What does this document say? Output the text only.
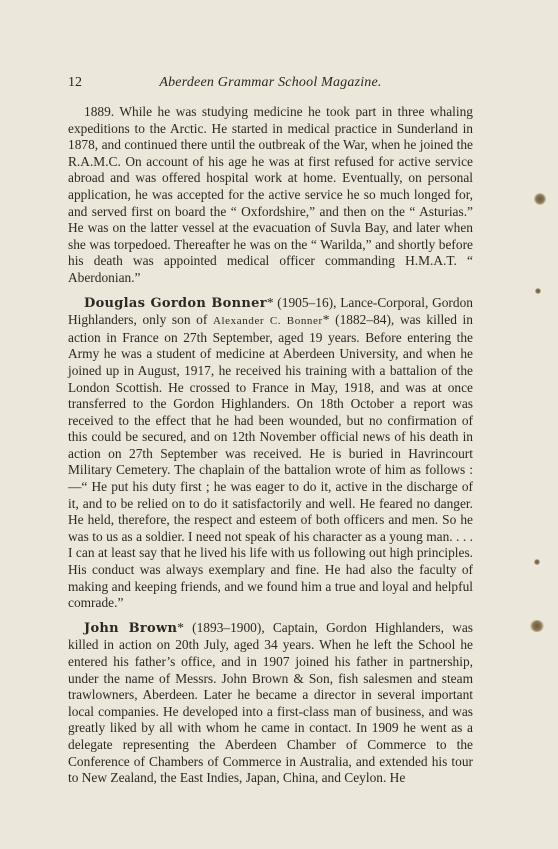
12	Aberdeen Grammar School Magazine.

1889. While he was studying medicine he took part in three whaling expeditions to the Arctic. He started in medical practice in Sunderland in 1878, and continued there until the outbreak of the War, when he joined the R.A.M.C. On account of his age he was at first refused for active service abroad and was offered hospital work at home. Eventually, on personal application, he was accepted for the active service he so much longed for, and served first on board the “ Oxfordshire,” and then on the “ Asturias.” He was on the latter vessel at the evacuation of Suvla Bay, and later when she was torpedoed. Thereafter he was on the “ Warilda,” and shortly before his death was appointed medical officer commanding H.M.A.T. “ Aberdonian.”

Douglas Gordon Bonner* (1905–16), Lance-Corporal, Gordon Highlanders, only son of Alexander C. Bonner* (1882–84), was killed in action in France on 27th September, aged 19 years. Before entering the Army he was a student of medicine at Aberdeen University, and when he joined up in August, 1917, he received his training with a battalion of the London Scottish. He crossed to France in May, 1918, and was at once transferred to the Gordon Highlanders. On 18th October a report was received to the effect that he had been wounded, but no confirmation of this could be secured, and on 12th November official news of his death in action on 27th September was received. He is buried in Havrincourt Military Cemetery. The chaplain of the battalion wrote of him as follows :—“ He put his duty first ; he was eager to do it, active in the discharge of it, and to be relied on to do it satisfactorily and well. He feared no danger. He held, therefore, the respect and esteem of both officers and men. So he was to us as a soldier. I need not speak of his character as a young man. . . . I can at least say that he lived his life with us following out high principles. His conduct was always exemplary and fine. He had also the faculty of making and keeping friends, and we found him a true and loyal and helpful comrade.”

John Brown* (1893–1900), Captain, Gordon Highlanders, was killed in action on 20th July, aged 34 years. When he left the School he entered his father’s office, and in 1907 joined his father in partnership, under the name of Messrs. John Brown & Son, fish salesmen and steam trawlowners, Aberdeen. Later he became a director in several important local companies. He developed into a first-class man of business, and was greatly liked by all with whom he came in contact. In 1909 he went as a delegate representing the Aberdeen Chamber of Commerce to the Conference of Chambers of Commerce in Australia, and extended his tour to New Zealand, the East Indies, Japan, China, and Ceylon. He
